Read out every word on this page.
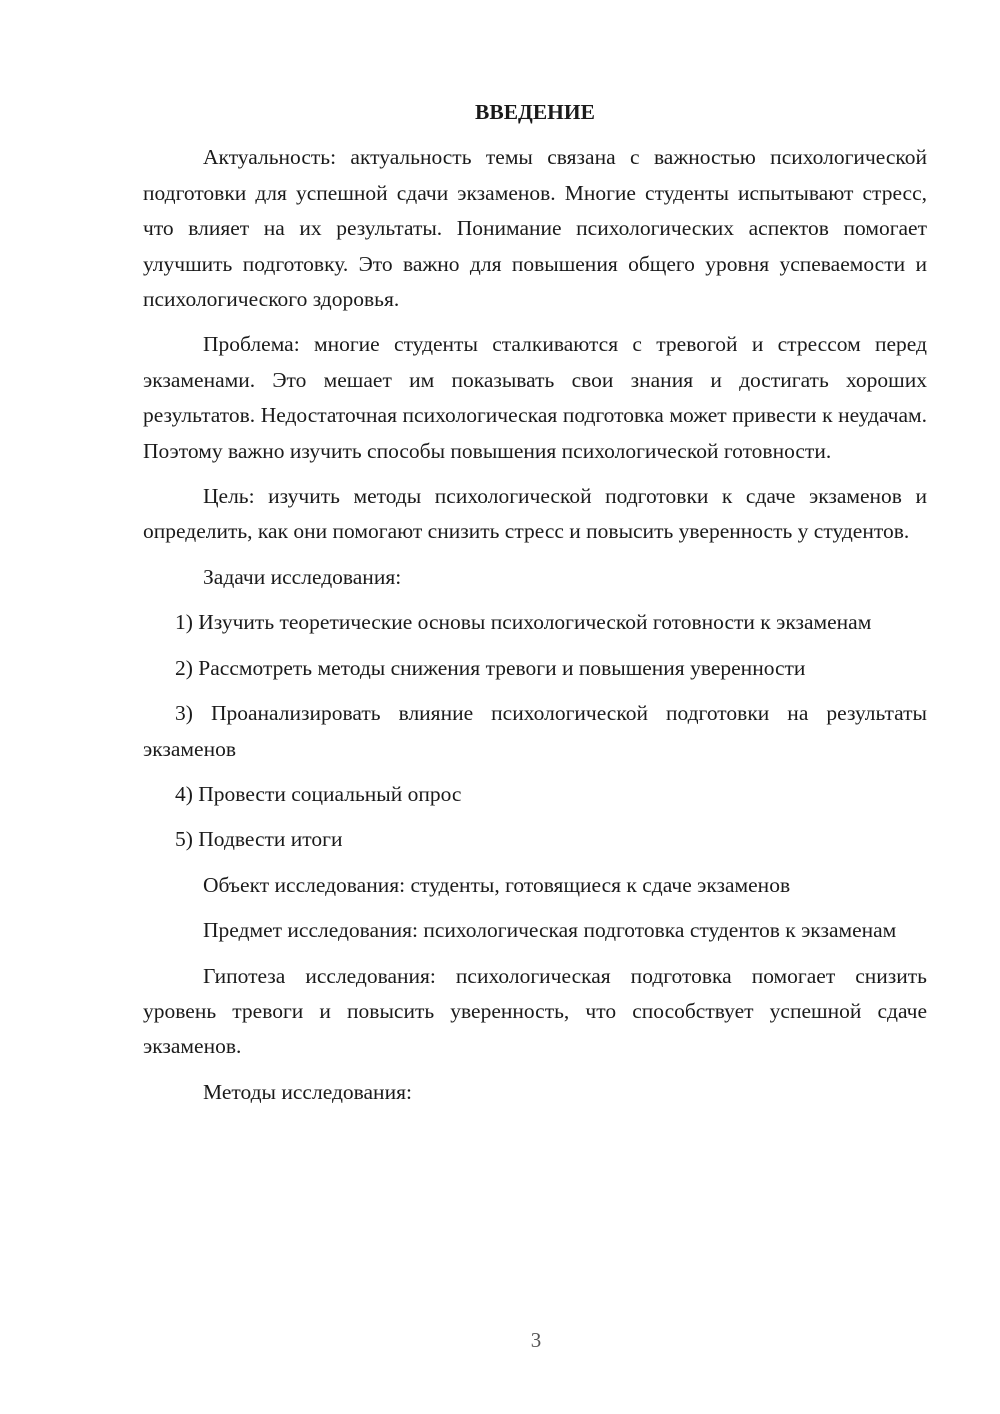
ВВЕДЕНИЕ

Актуальность: актуальность темы связана с важностью психологической подготовки для успешной сдачи экзаменов. Многие студенты испытывают стресс, что влияет на их результаты. Понимание психологических аспектов помогает улучшить подготовку. Это важно для повышения общего уровня успеваемости и психологического здоровья.

Проблема: многие студенты сталкиваются с тревогой и стрессом перед экзаменами. Это мешает им показывать свои знания и достигать хороших результатов. Недостаточная психологическая подготовка может привести к неудачам. Поэтому важно изучить способы повышения психологической готовности.

Цель: изучить методы психологической подготовки к сдаче экзаменов и определить, как они помогают снизить стресс и повысить уверенность у студентов.

Задачи исследования:

1) Изучить теоретические основы психологической готовности к экзаменам

2) Рассмотреть методы снижения тревоги и повышения уверенности

3) Проанализировать влияние психологической подготовки на результаты экзаменов

4) Провести социальный опрос

5) Подвести итоги

Объект исследования: студенты, готовящиеся к сдаче экзаменов

Предмет исследования: психологическая подготовка студентов к экзаменам

Гипотеза исследования: психологическая подготовка помогает снизить уровень тревоги и повысить уверенность, что способствует успешной сдаче экзаменов.

Методы исследования:

3
